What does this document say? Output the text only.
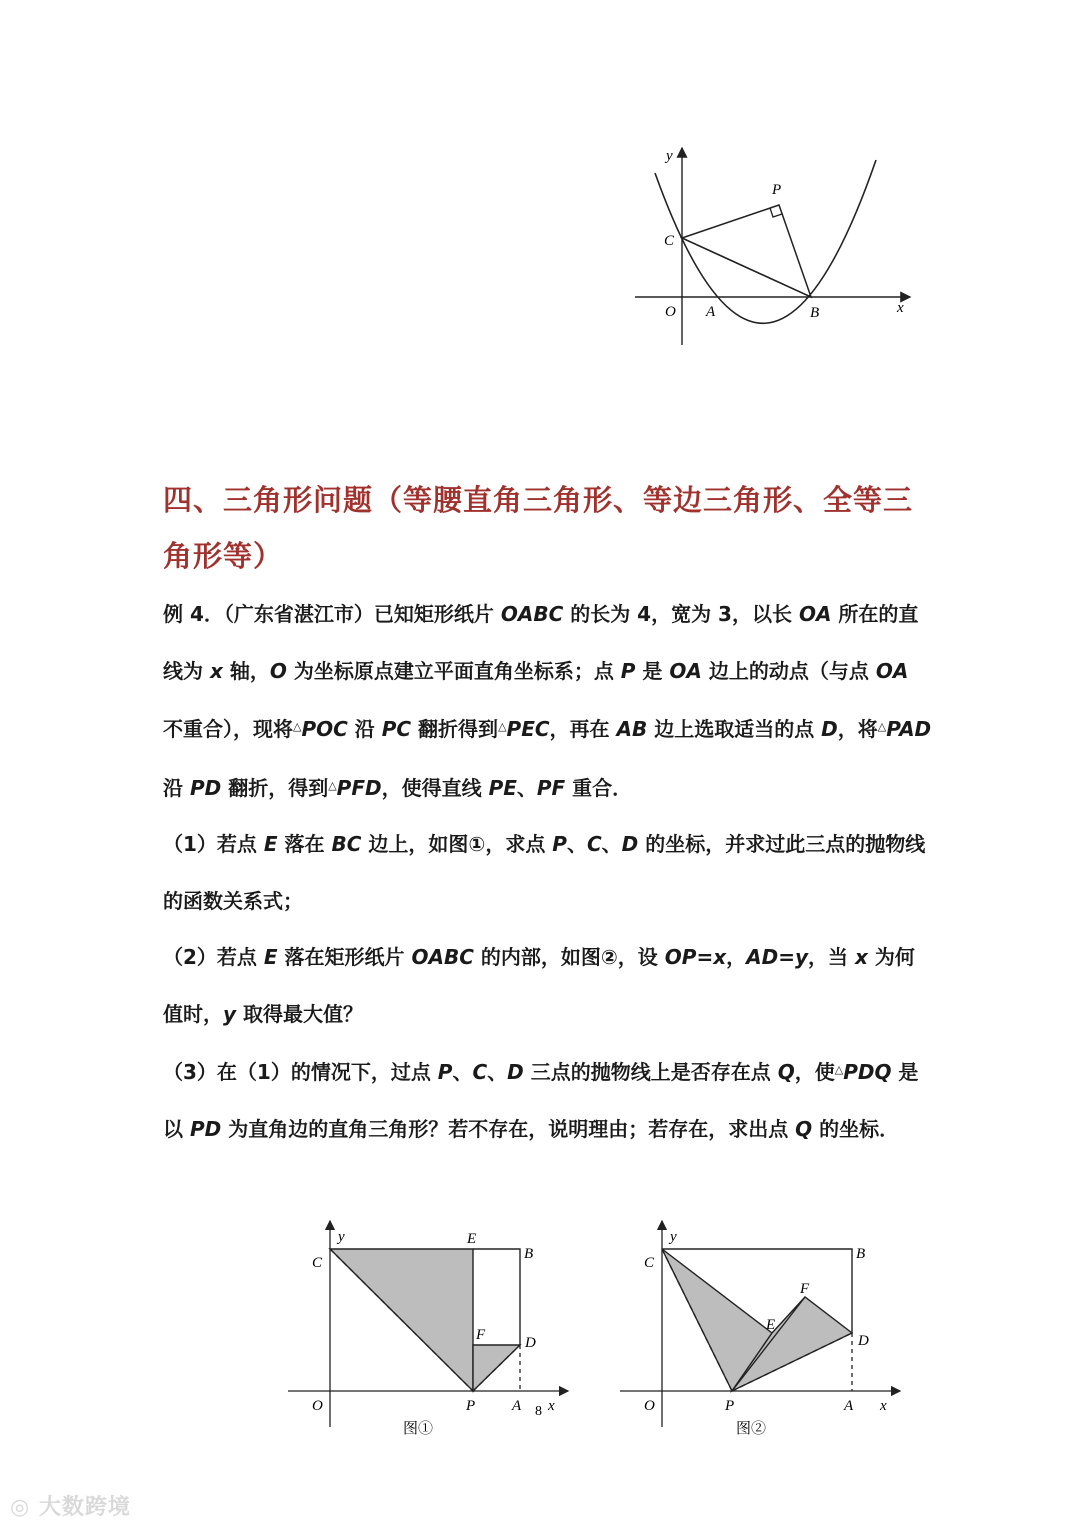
y
x
P
C
O A	B
四、三角形问题（等腰直角三角形、等边三角形、全等三角形等）

例 4．（广东省湛江市）已知矩形纸片 OABC 的长为 4，宽为 3，以长 OA 所在的直线为 x 轴，O 为坐标原点建立平面直角坐标系；点 P 是 OA 边上的动点（与点 OA 不重合），现将△POC 沿 PC 翻折得到△PEC，再在 AB 边上选取适当的点 D，将△PAD 沿 PD 翻折，得到△PFD，使得直线 PE、PF 重合．

（1）若点 E 落在 BC 边上，如图①，求点 P、C、D 的坐标，并求过此三点的抛物线的函数关系式；

（2）若点 E 落在矩形纸片 OABC 的内部，如图②，设 OP=x，AD=y，当 x 为何值时，y 取得最大值？

（3）在（1）的情况下，过点 P、C、D 三点的抛物线上是否存在点 Q，使△PDQ 是以 PD 为直角边的直角三角形？若不存在，说明理由；若存在，求出点 Q 的坐标．

y
C
E
B
F	D
O	P A x
8
图①
y
C
B
F
E
D
O	P	A x
图②
◎ 大数跨境
